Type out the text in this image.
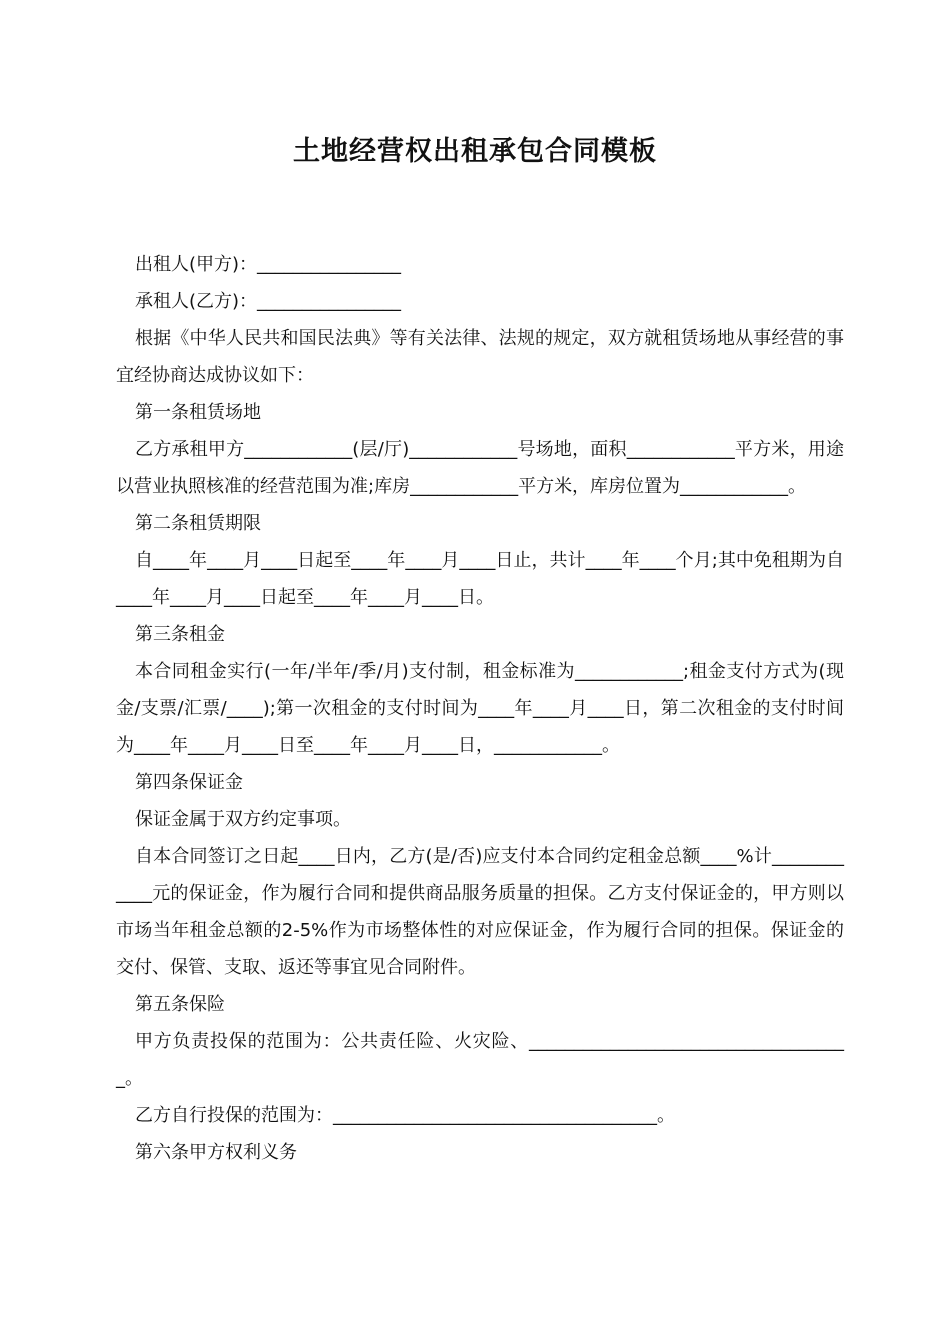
土地经营权出租承包合同模板

出租人(甲方)：________________

承租人(乙方)：________________

根据《中华人民共和国民法典》等有关法律、法规的规定，双方就租赁场地从事经营的事宜经协商达成协议如下：

第一条租赁场地

乙方承租甲方____________(层/厅)____________号场地，面积____________平方米，用途以营业执照核准的经营范围为准;库房____________平方米，库房位置为____________。

第二条租赁期限

自____年____月____日起至____年____月____日止，共计____年____个月;其中免租期为自____年____月____日起至____年____月____日。

第三条租金

本合同租金实行(一年/半年/季/月)支付制，租金标准为____________;租金支付方式为(现金/支票/汇票/____);第一次租金的支付时间为____年____月____日，第二次租金的支付时间为____年____月____日至____年____月____日，____________。

第四条保证金

保证金属于双方约定事项。

自本合同签订之日起____日内，乙方(是/否)应支付本合同约定租金总额____%计____________元的保证金，作为履行合同和提供商品服务质量的担保。乙方支付保证金的，甲方则以市场当年租金总额的2-5%作为市场整体性的对应保证金，作为履行合同的担保。保证金的交付、保管、支取、返还等事宜见合同附件。

第五条保险

甲方负责投保的范围为：公共责任险、火灾险、____________________________________。

乙方自行投保的范围为：____________________________________。

第六条甲方权利义务
